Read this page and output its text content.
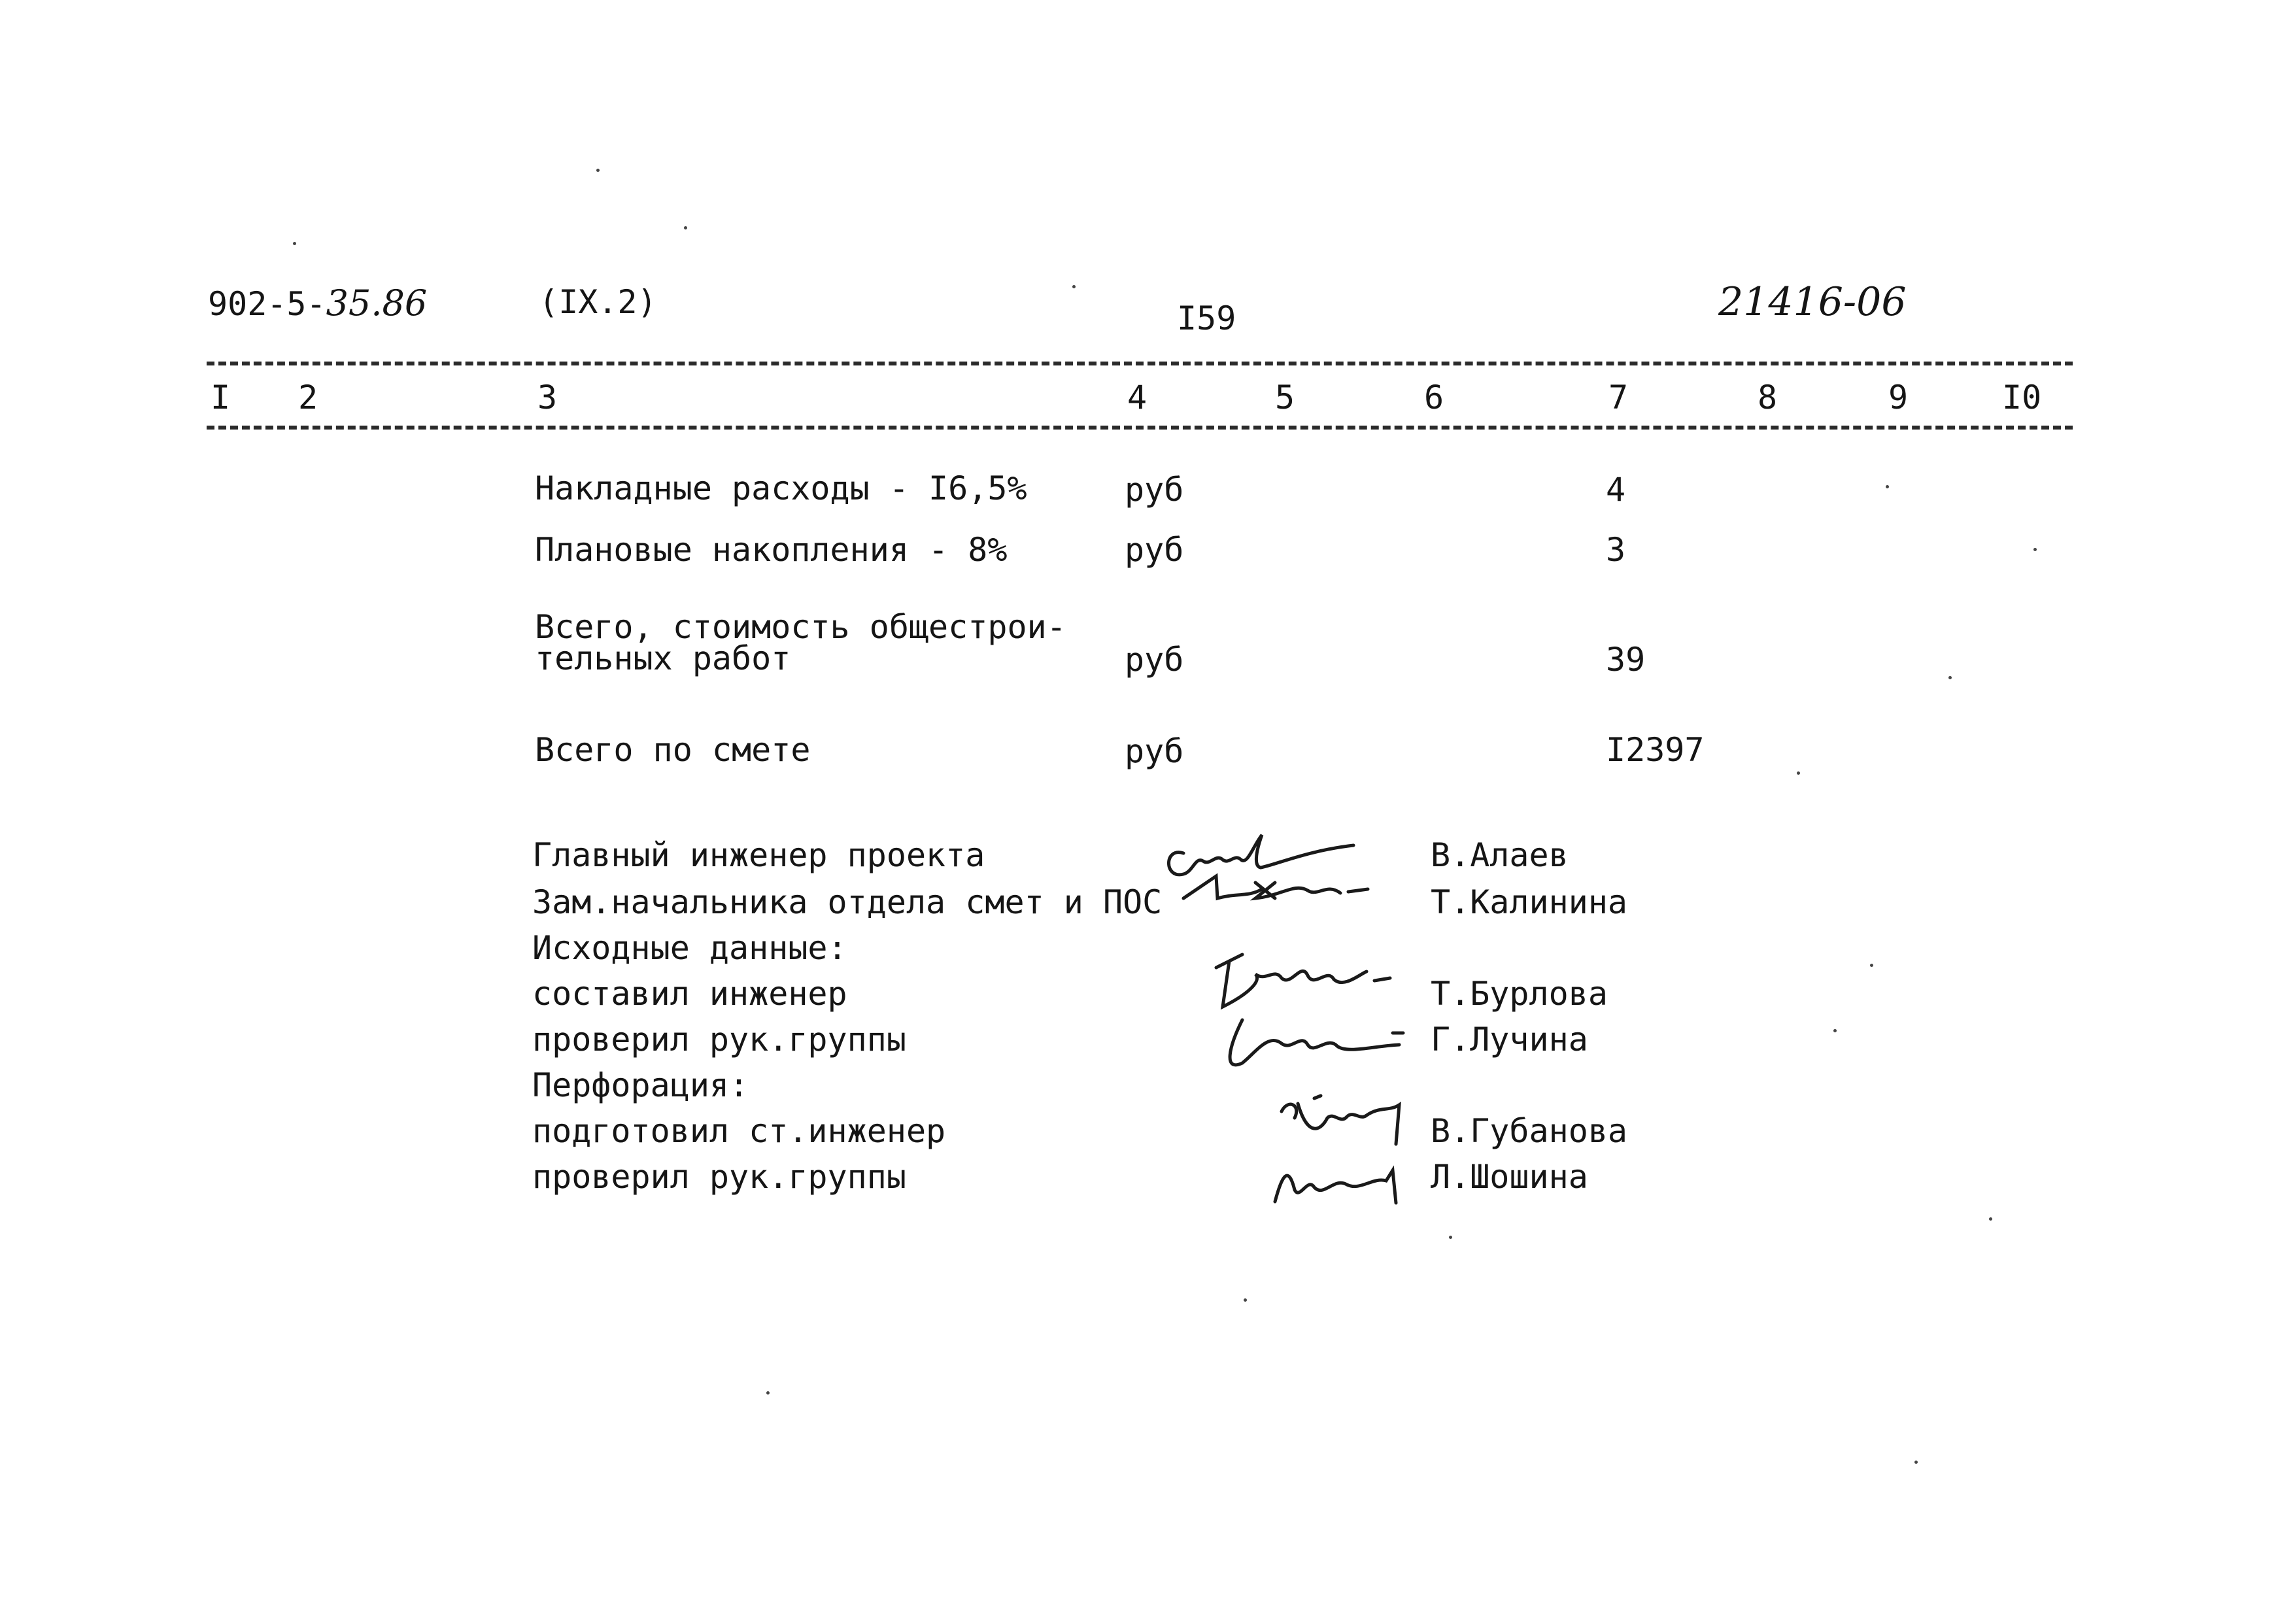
902-5-35.86	(IX.2)	I59	21416-06
I 2	3	4	5	6	7	8	9	I0
Накладные расходы - I6,5%	руб	4
Плановые накопления - 8%	руб	3
Всего, стоимость общестрои-
тельных работ	руб	39
Всего по смете	руб	I2397
Главный инженер проекта	В.Алаев
Зам.начальника отдела смет и ПОС	Т.Калинина
Исходные данные:
составил инженер	Т.Бурлова
проверил рук.группы	Г.Лучина
Перфорация:
подготовил ст.инженер	В.Губанова
проверил рук.группы	Л.Шошина
